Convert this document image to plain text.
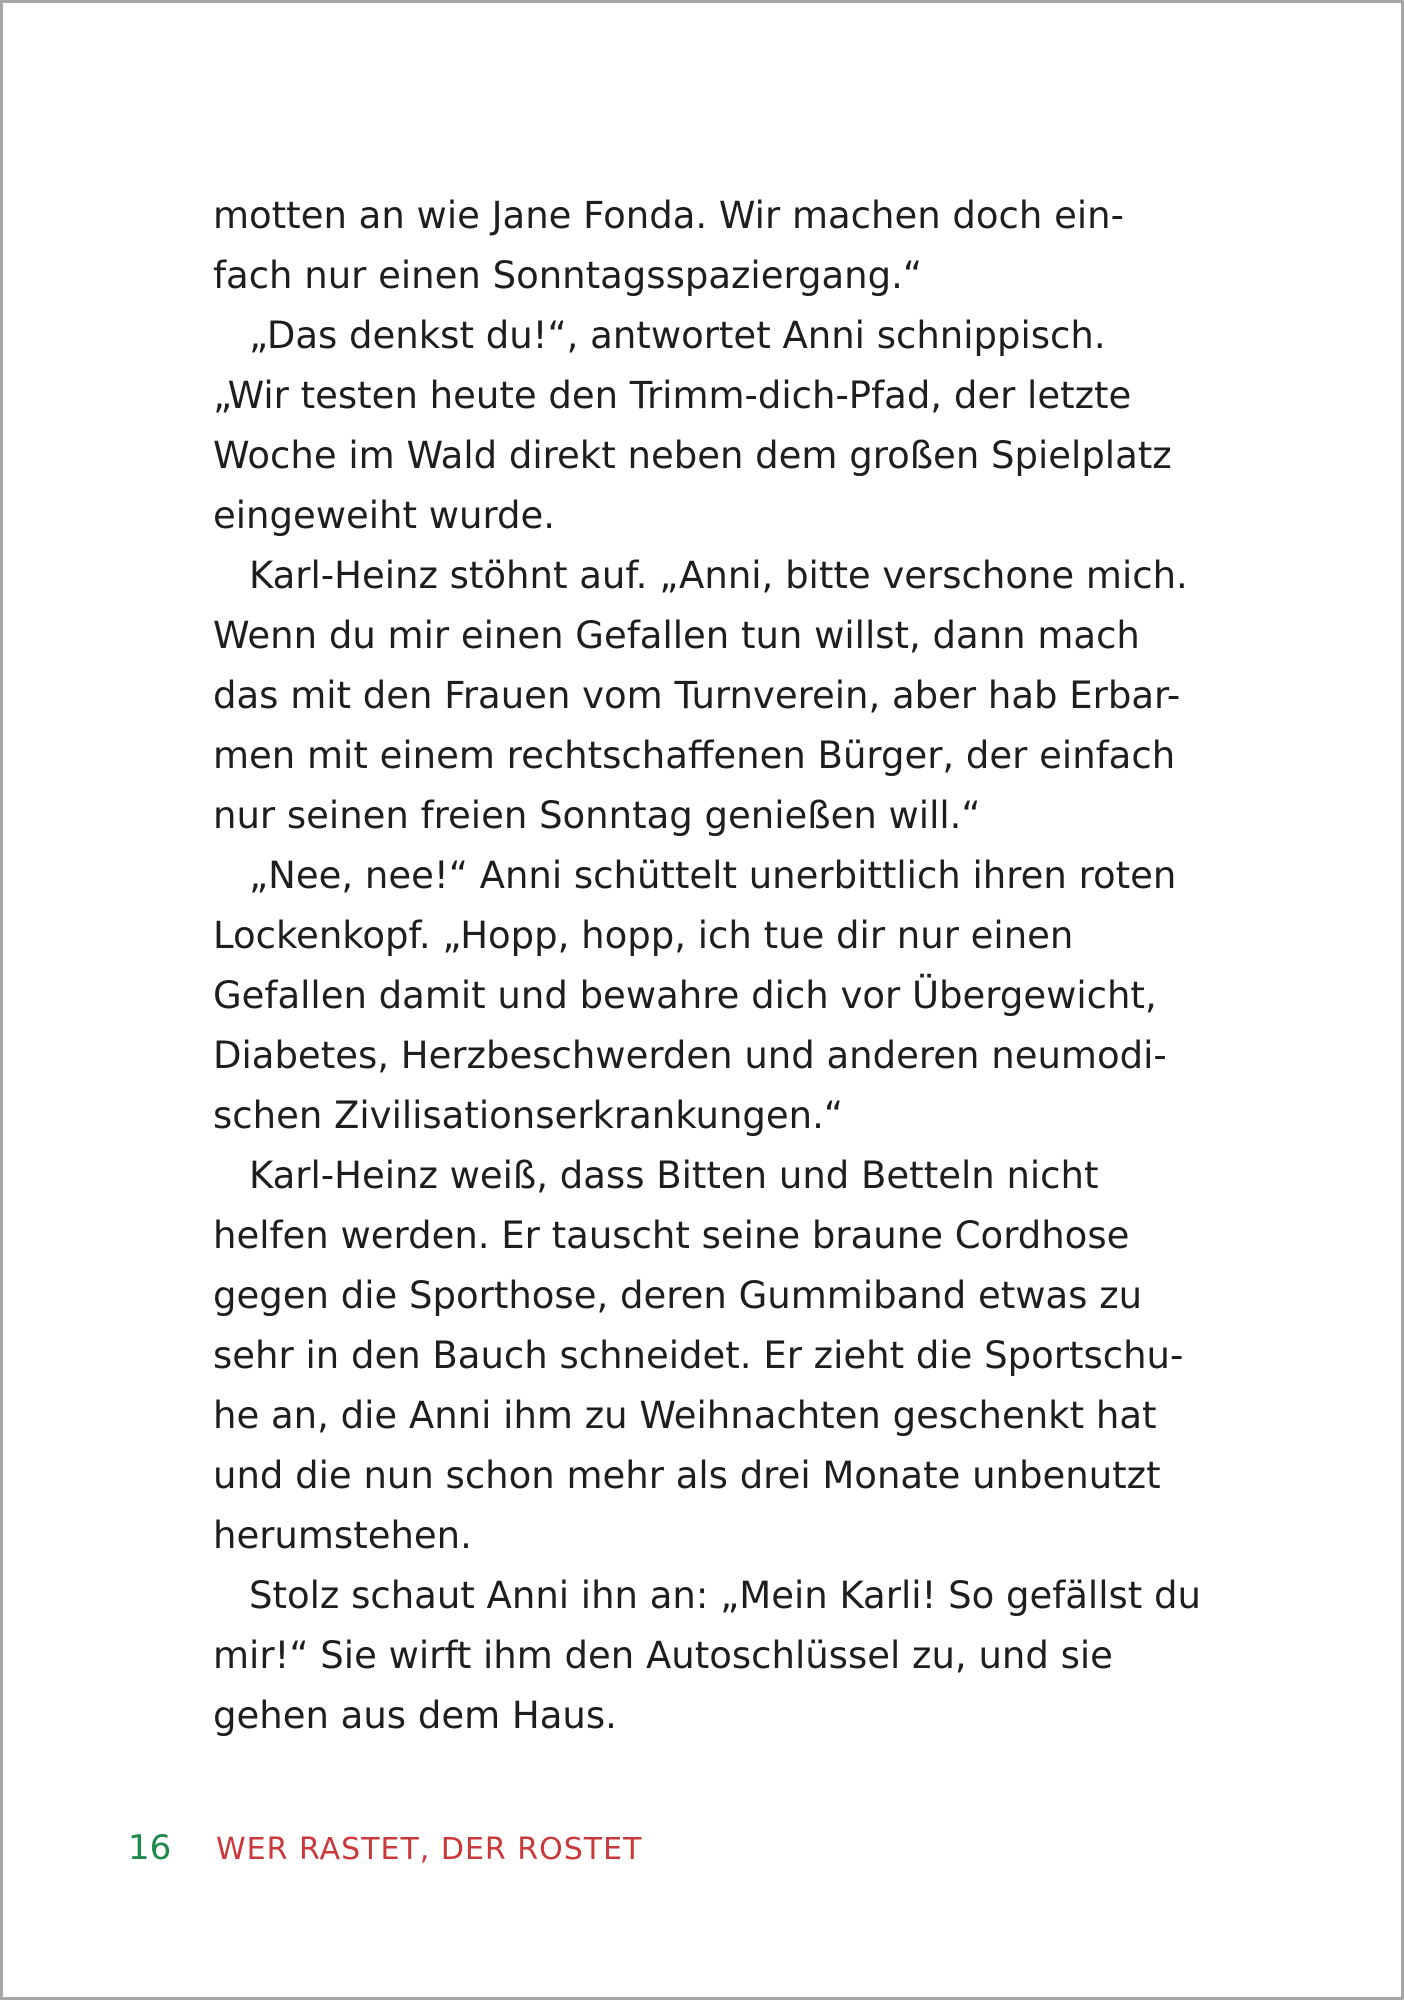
motten an wie Jane Fonda. Wir machen doch ein-
fach nur einen Sonntagsspaziergang.“
„Das denkst du!“, antwortet Anni schnippisch.
„Wir testen heute den Trimm-dich-Pfad, der letzte
Woche im Wald direkt neben dem großen Spielplatz
eingeweiht wurde.
Karl-Heinz stöhnt auf. „Anni, bitte verschone mich.
Wenn du mir einen Gefallen tun willst, dann mach
das mit den Frauen vom Turnverein, aber hab Erbar-
men mit einem rechtschaffenen Bürger, der einfach
nur seinen freien Sonntag genießen will.“
„Nee, nee!“ Anni schüttelt unerbittlich ihren roten
Lockenkopf. „Hopp, hopp, ich tue dir nur einen
Gefallen damit und bewahre dich vor Übergewicht,
Diabetes, Herzbeschwerden und anderen neumodi-
schen Zivilisationserkrankungen.“
Karl-Heinz weiß, dass Bitten und Betteln nicht
helfen werden. Er tauscht seine braune Cordhose
gegen die Sporthose, deren Gummiband etwas zu
sehr in den Bauch schneidet. Er zieht die Sportschu-
he an, die Anni ihm zu Weihnachten geschenkt hat
und die nun schon mehr als drei Monate unbenutzt
herumstehen.
Stolz schaut Anni ihn an: „Mein Karli! So gefällst du
mir!“ Sie wirft ihm den Autoschlüssel zu, und sie
gehen aus dem Haus.
16 WER RASTET, DER ROSTET
